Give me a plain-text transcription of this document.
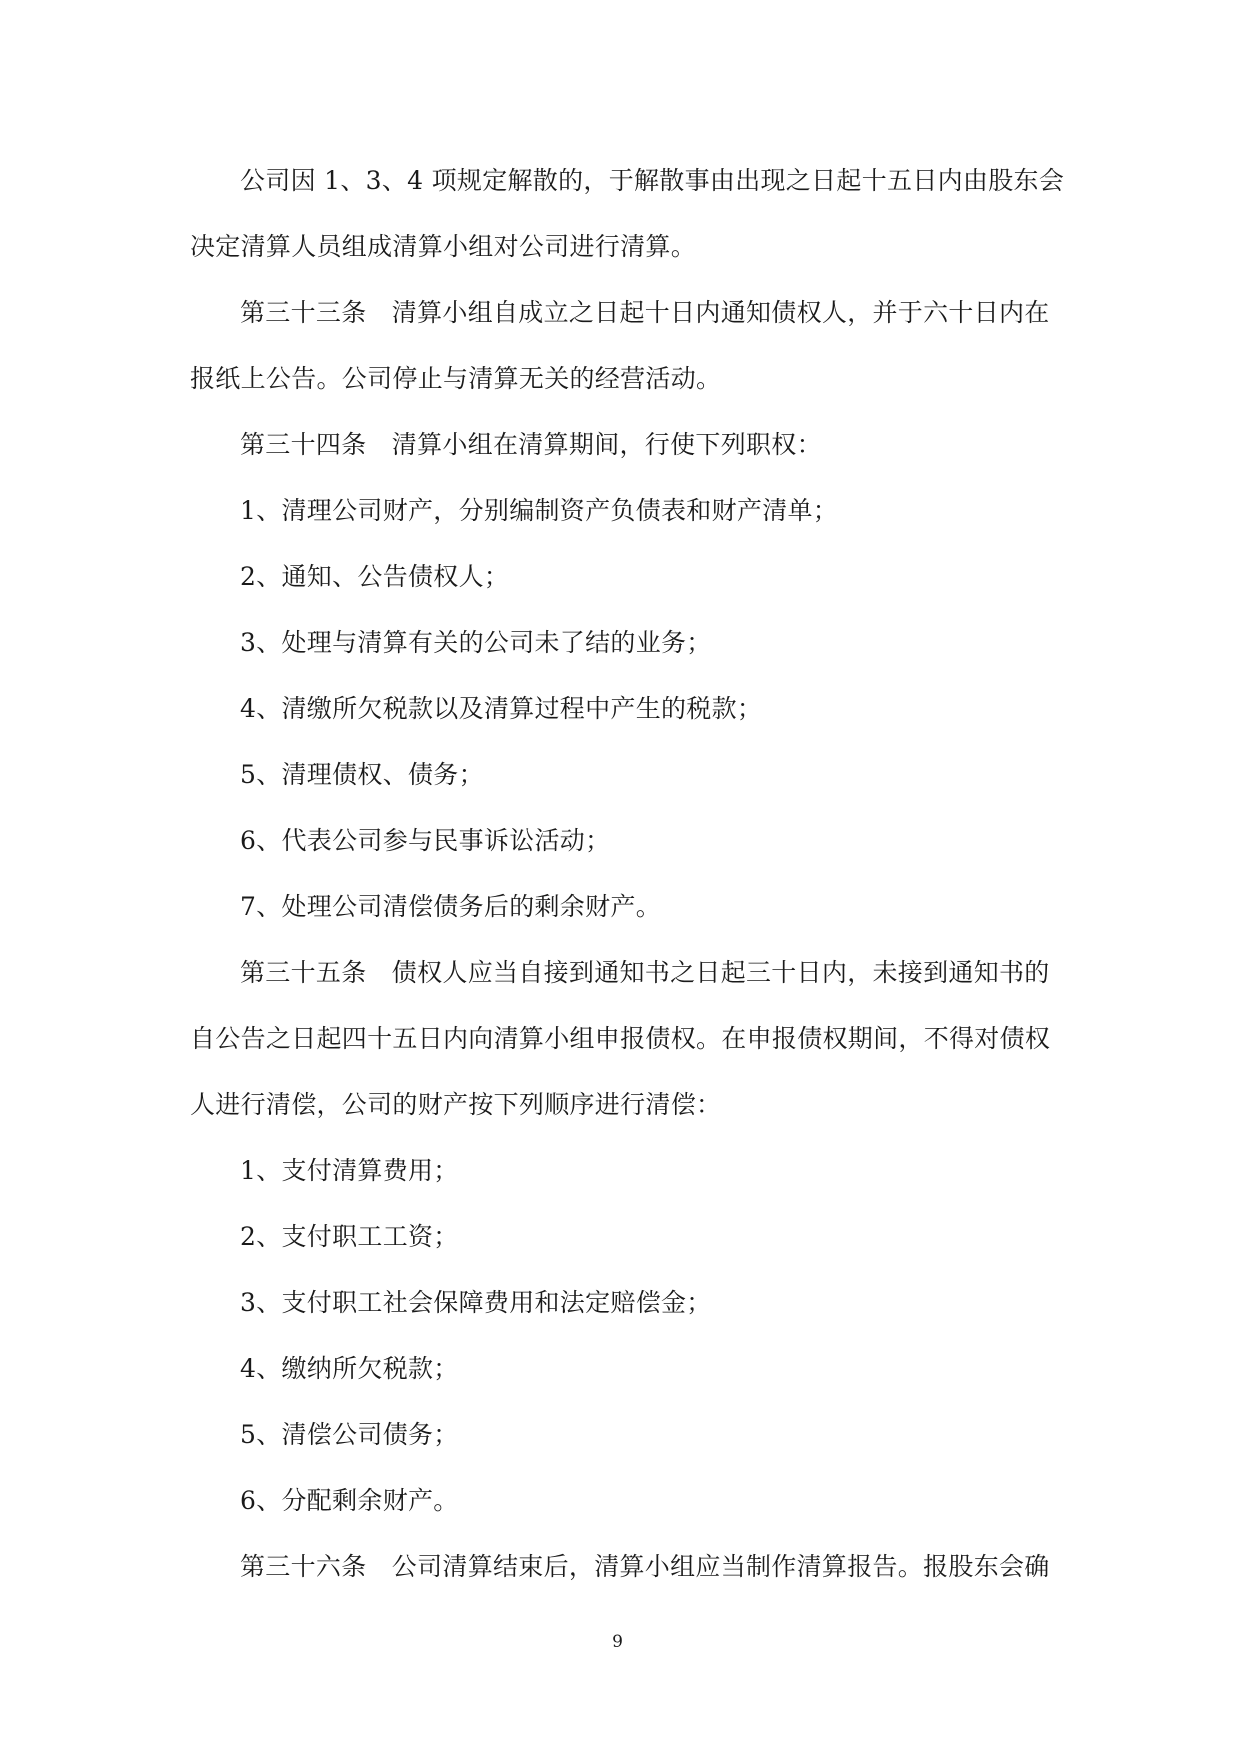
公司因 1、3、4 项规定解散的，于解散事由出现之日起十五日内由股东会

决定清算人员组成清算小组对公司进行清算。

第三十三条　清算小组自成立之日起十日内通知债权人，并于六十日内在

报纸上公告。公司停止与清算无关的经营活动。

第三十四条　清算小组在清算期间，行使下列职权：

1、清理公司财产，分别编制资产负债表和财产清单；

2、通知、公告债权人；

3、处理与清算有关的公司未了结的业务；

4、清缴所欠税款以及清算过程中产生的税款；

5、清理债权、债务；

6、代表公司参与民事诉讼活动；

7、处理公司清偿债务后的剩余财产。

第三十五条　债权人应当自接到通知书之日起三十日内，未接到通知书的

自公告之日起四十五日内向清算小组申报债权。在申报债权期间，不得对债权

人进行清偿，公司的财产按下列顺序进行清偿：

1、支付清算费用；

2、支付职工工资；

3、支付职工社会保障费用和法定赔偿金；

4、缴纳所欠税款；

5、清偿公司债务；

6、分配剩余财产。

第三十六条　公司清算结束后，清算小组应当制作清算报告。报股东会确

9
